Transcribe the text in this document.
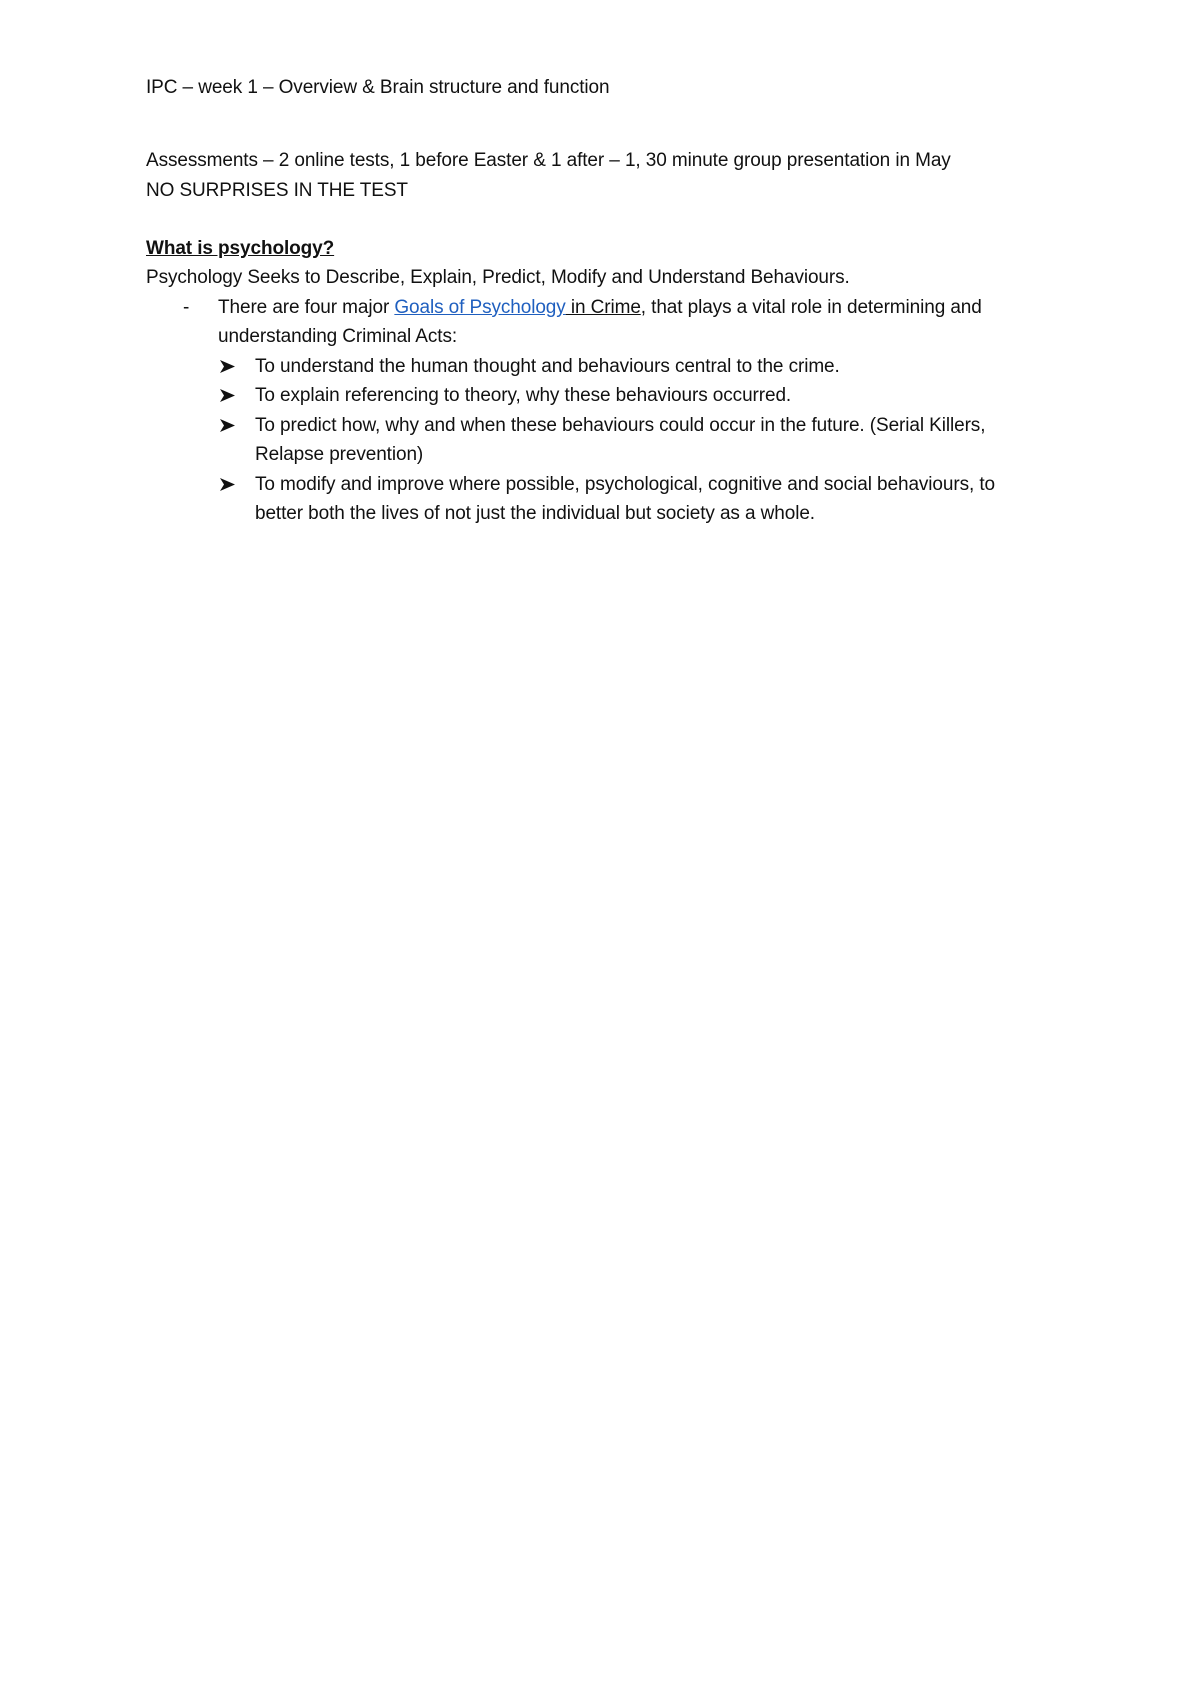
IPC – week 1 – Overview & Brain structure and function
Assessments – 2 online tests, 1 before Easter & 1 after – 1, 30 minute group presentation in May
NO SURPRISES IN THE TEST
What is psychology?
Psychology Seeks to Describe, Explain, Predict, Modify and Understand Behaviours.
- There are four major Goals of Psychology in Crime, that plays a vital role in determining and
understanding Criminal Acts:
To understand the human thought and behaviours central to the crime.
To explain referencing to theory, why these behaviours occurred.
To predict how, why and when these behaviours could occur in the future. (Serial Killers,
Relapse prevention)
To modify and improve where possible, psychological, cognitive and social behaviours, to
better both the lives of not just the individual but society as a whole.
